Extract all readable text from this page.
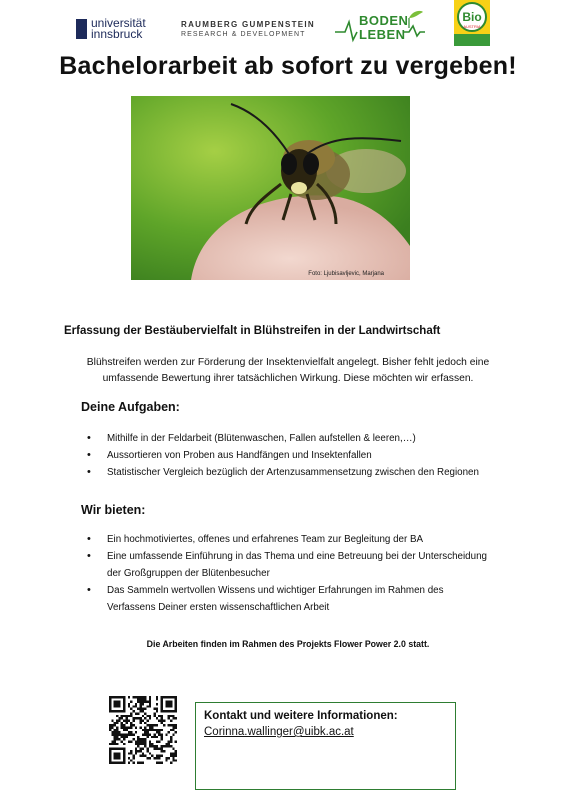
universität
innsbruck
RAUMBERG GUMPENSTEIN
RESEARCH & DEVELOPMENT
BODEN
LEBEN
Bio
AUSTRIA
Bachelorarbeit ab sofort zu vergeben!
Foto: Ljubisavljevic, Marjana
Erfassung der Bestäubervielfalt in Blühstreifen in der Landwirtschaft
Blühstreifen werden zur Förderung der Insektenvielfalt angelegt. Bisher fehlt jedoch eine
umfassende Bewertung ihrer tatsächlichen Wirkung. Diese möchten wir erfassen.
Deine Aufgaben:
• Mithilfe in der Feldarbeit (Blütenwaschen, Fallen aufstellen & leeren,…)
• Aussortieren von Proben aus Handfängen und Insektenfallen
• Statistischer Vergleich bezüglich der Artenzusammensetzung zwischen den Regionen
Wir bieten:
• Ein hochmotiviertes, offenes und erfahrenes Team zur Begleitung der BA
• Eine umfassende Einführung in das Thema und eine Betreuung bei der Unterscheidung der Großgruppen der Blütenbesucher
• Das Sammeln wertvollen Wissens und wichtiger Erfahrungen im Rahmen des Verfassens Deiner ersten wissenschaftlichen Arbeit
Die Arbeiten finden im Rahmen des Projekts Flower Power 2.0 statt.
Kontakt und weitere Informationen:
Corinna.wallinger@uibk.ac.at
